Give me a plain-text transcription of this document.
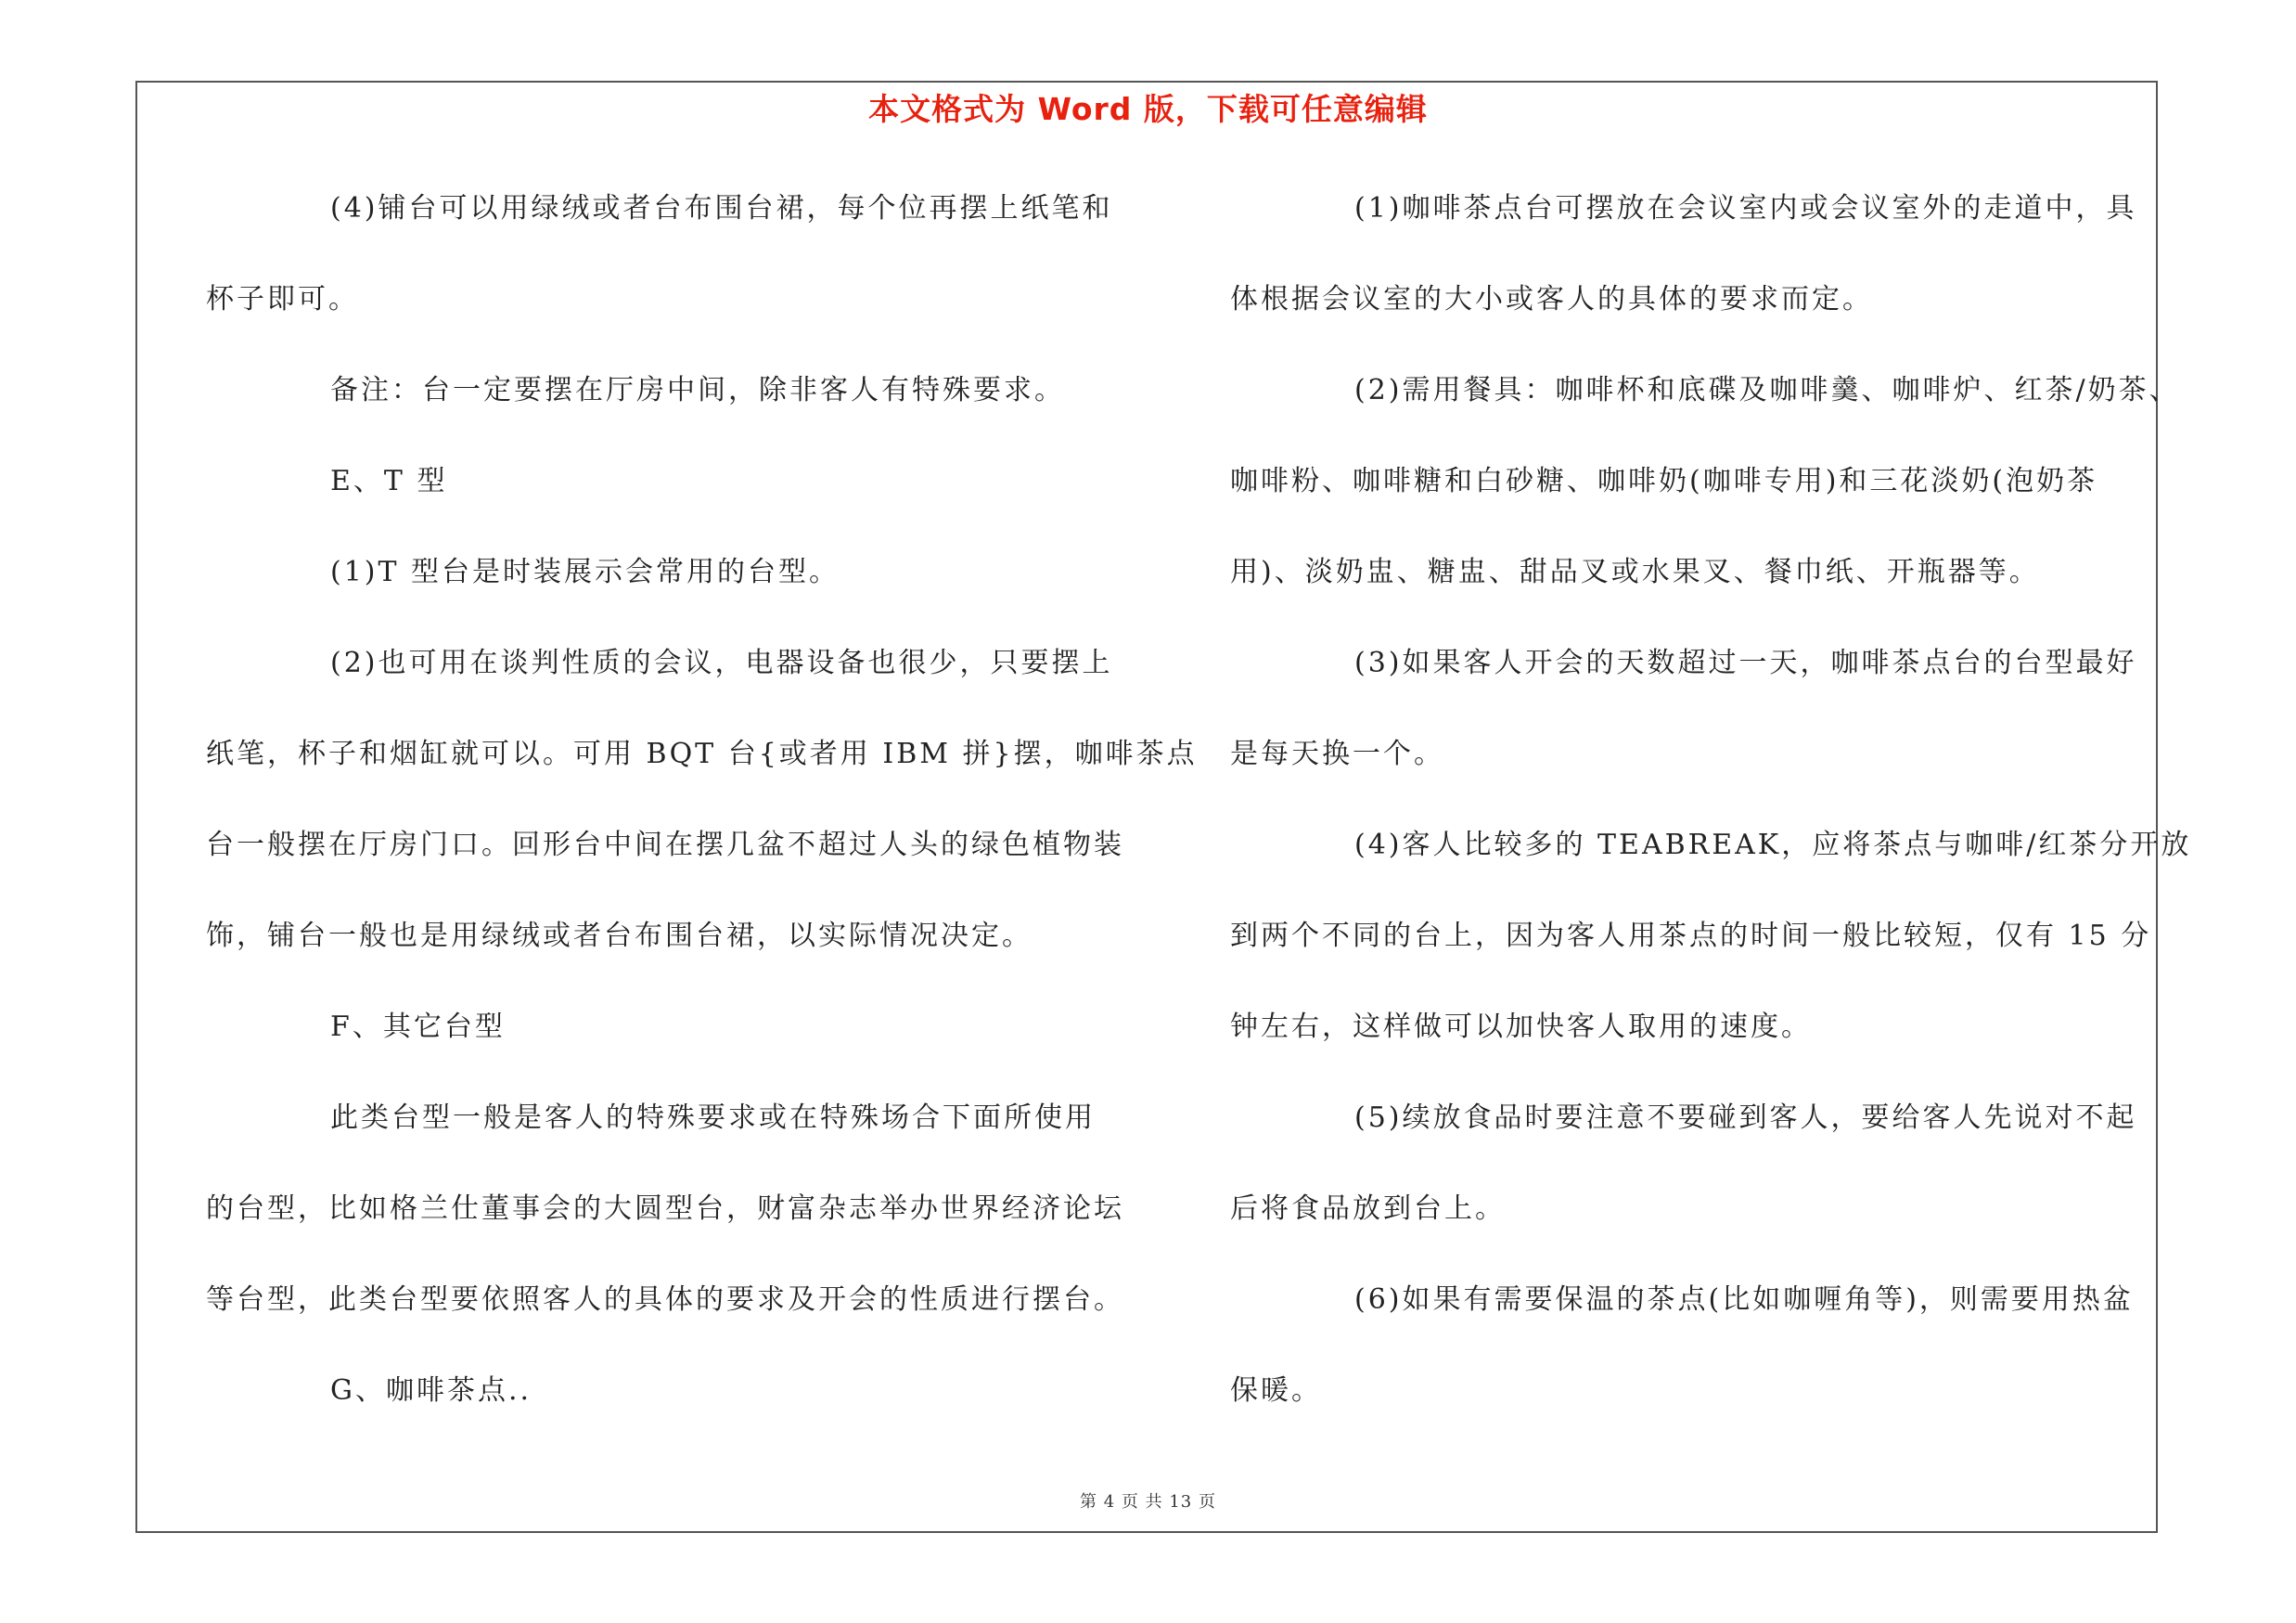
本文格式为 Word 版，下载可任意编辑
(4)铺台可以用绿绒或者台布围台裙，每个位再摆上纸笔和
杯子即可。
备注：台一定要摆在厅房中间，除非客人有特殊要求。
E、T 型
(1)T 型台是时装展示会常用的台型。
(2)也可用在谈判性质的会议，电器设备也很少，只要摆上
纸笔，杯子和烟缸就可以。可用 BQT 台{或者用 IBM 拼}摆，咖啡茶点
台一般摆在厅房门口。回形台中间在摆几盆不超过人头的绿色植物装
饰，铺台一般也是用绿绒或者台布围台裙，以实际情况决定。
F、其它台型
此类台型一般是客人的特殊要求或在特殊场合下面所使用
的台型，比如格兰仕董事会的大圆型台，财富杂志举办世界经济论坛
等台型，此类台型要依照客人的具体的要求及开会的性质进行摆台。
G、咖啡茶点..
(1)咖啡茶点台可摆放在会议室内或会议室外的走道中，具
体根据会议室的大小或客人的具体的要求而定。
(2)需用餐具：咖啡杯和底碟及咖啡羹、咖啡炉、红茶/奶茶、
咖啡粉、咖啡糖和白砂糖、咖啡奶(咖啡专用)和三花淡奶(泡奶茶
用)、淡奶盅、糖盅、甜品叉或水果叉、餐巾纸、开瓶器等。
(3)如果客人开会的天数超过一天，咖啡茶点台的台型最好
是每天换一个。
(4)客人比较多的 TEABREAK，应将茶点与咖啡/红茶分开放
到两个不同的台上，因为客人用茶点的时间一般比较短，仅有 15 分
钟左右，这样做可以加快客人取用的速度。
(5)续放食品时要注意不要碰到客人，要给客人先说对不起
后将食品放到台上。
(6)如果有需要保温的茶点(比如咖喱角等)，则需要用热盆
保暖。
第 4 页 共 13 页
